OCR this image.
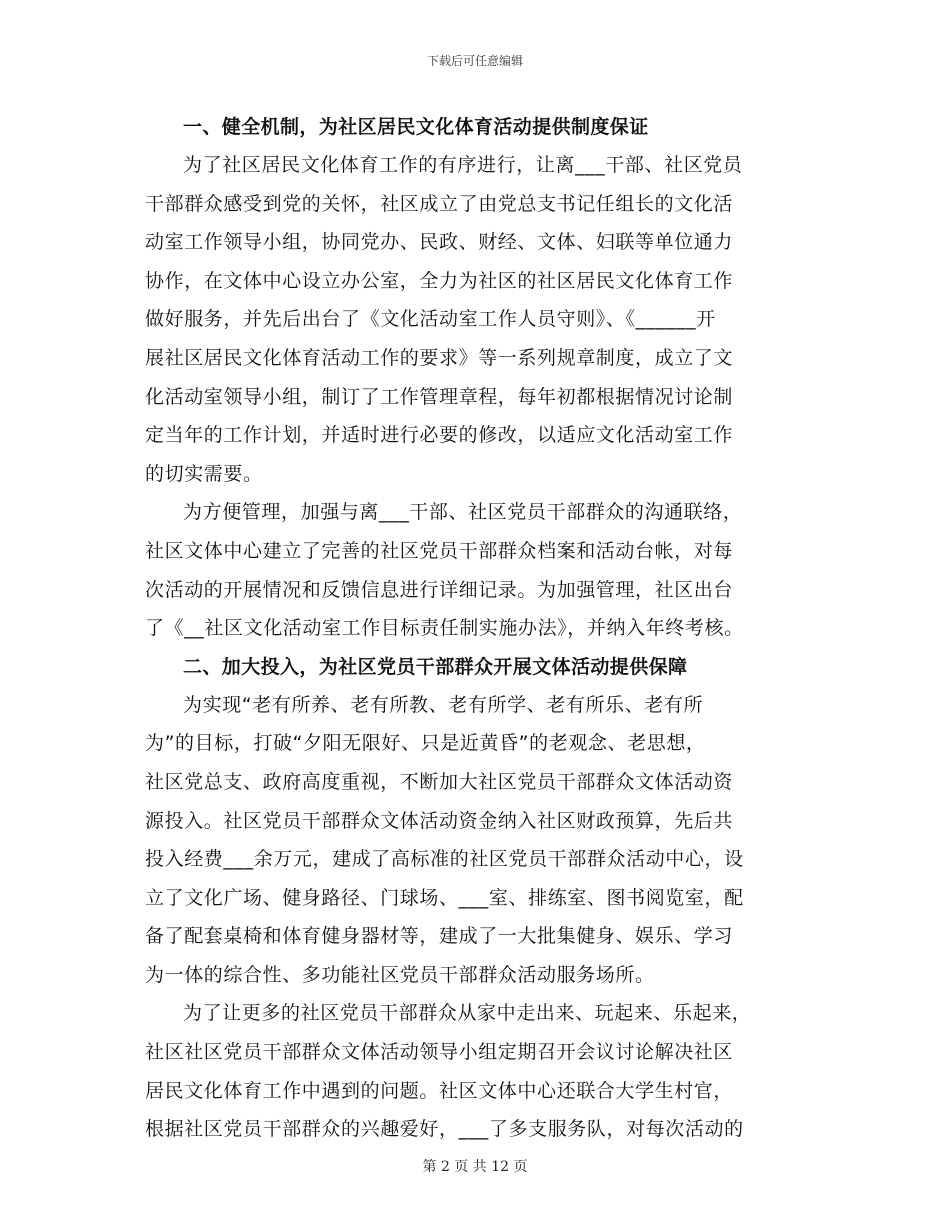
下载后可任意编辑
一、健全机制，为社区居民文化体育活动提供制度保证

为了社区居民文化体育工作的有序进行，让离___干部、社区党员
干部群众感受到党的关怀，社区成立了由党总支书记任组长的文化活
动室工作领导小组，协同党办、民政、财经、文体、妇联等单位通力
协作，在文体中心设立办公室，全力为社区的社区居民文化体育工作
做好服务，并先后出台了《文化活动室工作人员守则》、《______开
展社区居民文化体育活动工作的要求》等一系列规章制度，成立了文
化活动室领导小组，制订了工作管理章程，每年初都根据情况讨论制
定当年的工作计划，并适时进行必要的修改，以适应文化活动室工作
的切实需要。

为方便管理，加强与离___干部、社区党员干部群众的沟通联络，
社区文体中心建立了完善的社区党员干部群众档案和活动台帐，对每
次活动的开展情况和反馈信息进行详细记录。为加强管理，社区出台
了《__社区文化活动室工作目标责任制实施办法》，并纳入年终考核。

二、加大投入，为社区党员干部群众开展文体活动提供保障

为实现“老有所养、老有所教、老有所学、老有所乐、老有所
为”的目标，打破“夕阳无限好、只是近黄昏”的老观念、老思想，
社区党总支、政府高度重视，不断加大社区党员干部群众文体活动资
源投入。社区党员干部群众文体活动资金纳入社区财政预算，先后共
投入经费___余万元，建成了高标准的社区党员干部群众活动中心，设
立了文化广场、健身路径、门球场、___室、排练室、图书阅览室，配
备了配套桌椅和体育健身器材等，建成了一大批集健身、娱乐、学习
为一体的综合性、多功能社区党员干部群众活动服务场所。

为了让更多的社区党员干部群众从家中走出来、玩起来、乐起来，
社区社区党员干部群众文体活动领导小组定期召开会议讨论解决社区
居民文化体育工作中遇到的问题。社区文体中心还联合大学生村官，
根据社区党员干部群众的兴趣爱好，___了多支服务队，对每次活动的

第 2 页 共 12 页
